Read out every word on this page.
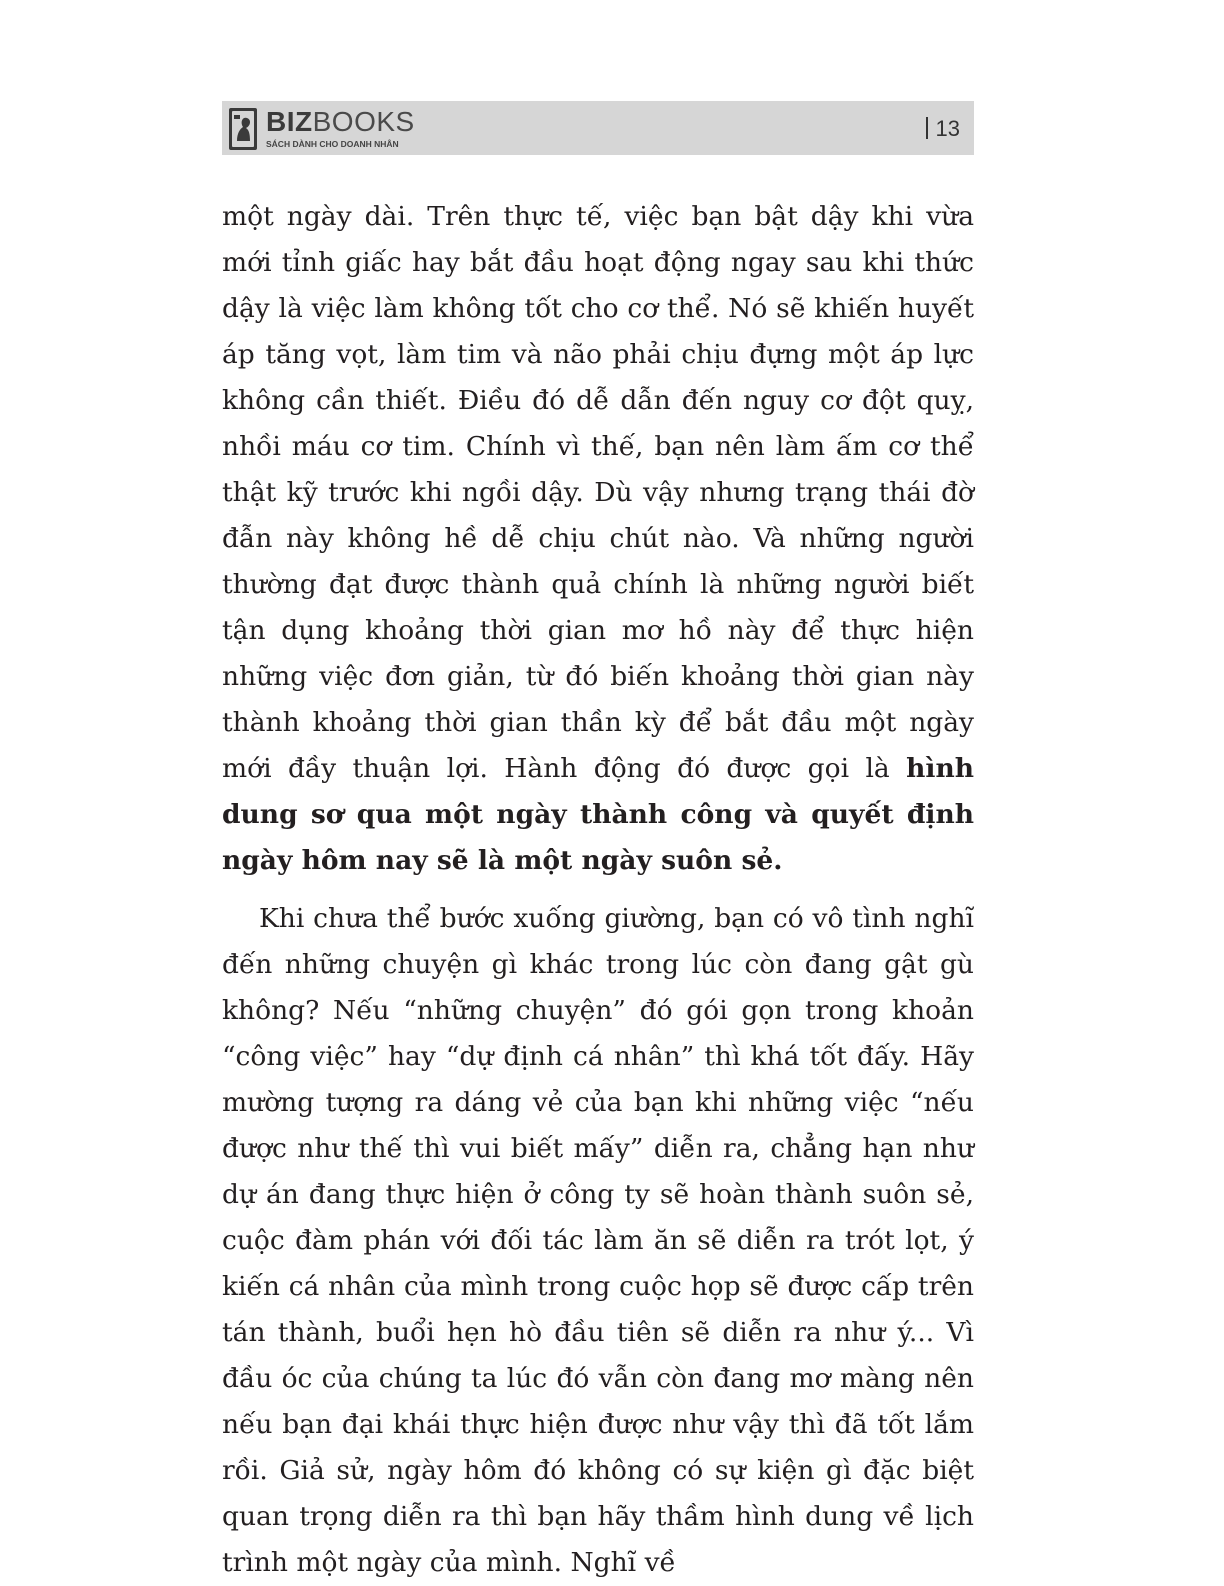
BIZBOOKS
SÁCH DÀNH CHO DOANH NHÂN
13

một ngày dài. Trên thực tế, việc bạn bật dậy khi vừa mới tỉnh giấc hay bắt đầu hoạt động ngay sau khi thức dậy là việc làm không tốt cho cơ thể. Nó sẽ khiến huyết áp tăng vọt, làm tim và não phải chịu đựng một áp lực không cần thiết. Điều đó dễ dẫn đến nguy cơ đột quỵ, nhồi máu cơ tim. Chính vì thế, bạn nên làm ấm cơ thể thật kỹ trước khi ngồi dậy. Dù vậy nhưng trạng thái đờ đẫn này không hề dễ chịu chút nào. Và những người thường đạt được thành quả chính là những người biết tận dụng khoảng thời gian mơ hồ này để thực hiện những việc đơn giản, từ đó biến khoảng thời gian này thành khoảng thời gian thần kỳ để bắt đầu một ngày mới đầy thuận lợi. Hành động đó được gọi là hình dung sơ qua một ngày thành công và quyết định ngày hôm nay sẽ là một ngày suôn sẻ.

Khi chưa thể bước xuống giường, bạn có vô tình nghĩ đến những chuyện gì khác trong lúc còn đang gật gù không? Nếu “những chuyện” đó gói gọn trong khoản “công việc” hay “dự định cá nhân” thì khá tốt đấy. Hãy mường tượng ra dáng vẻ của bạn khi những việc “nếu được như thế thì vui biết mấy” diễn ra, chẳng hạn như dự án đang thực hiện ở công ty sẽ hoàn thành suôn sẻ, cuộc đàm phán với đối tác làm ăn sẽ diễn ra trót lọt, ý kiến cá nhân của mình trong cuộc họp sẽ được cấp trên tán thành, buổi hẹn hò đầu tiên sẽ diễn ra như ý... Vì đầu óc của chúng ta lúc đó vẫn còn đang mơ màng nên nếu bạn đại khái thực hiện được như vậy thì đã tốt lắm rồi. Giả sử, ngày hôm đó không có sự kiện gì đặc biệt quan trọng diễn ra thì bạn hãy thầm hình dung về lịch trình một ngày của mình. Nghĩ về
